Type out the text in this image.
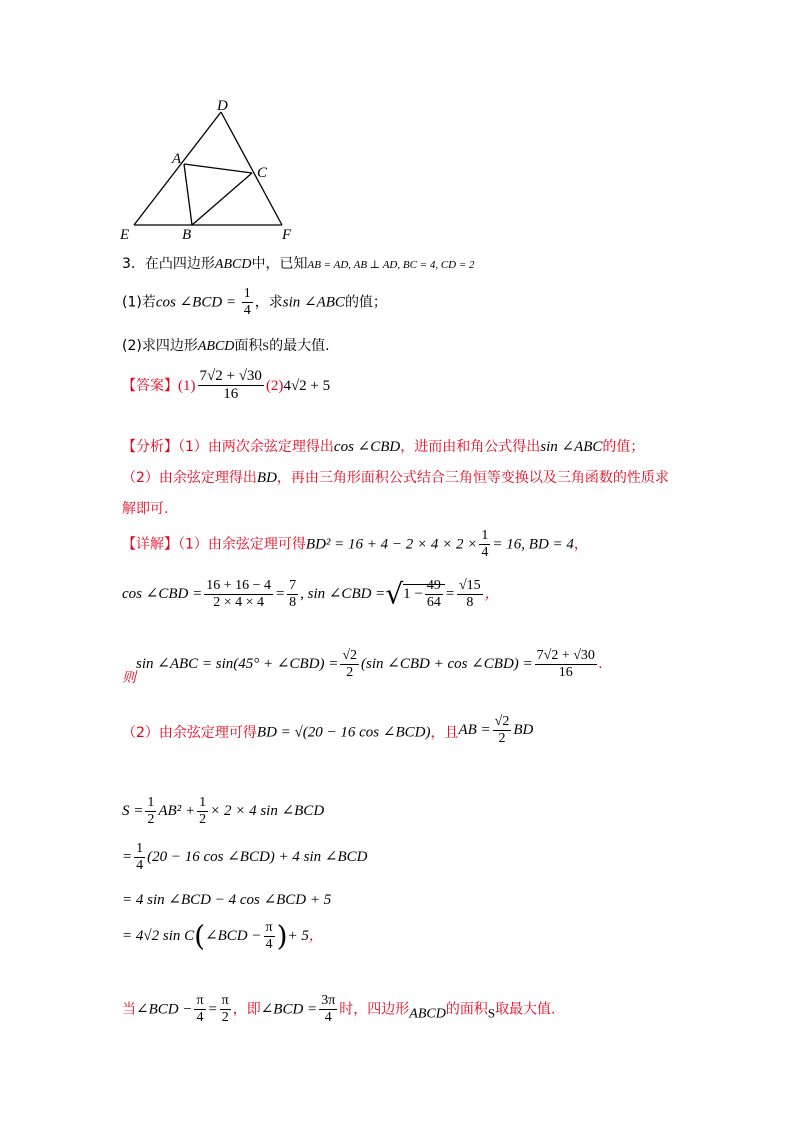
D
A
C
E	B	F
3．在凸四边形ABCD中，已知AB = AD, AB ⊥ AD, BC = 4, CD = 2
(1)若cos ∠BCD = $\frac{1}{4}$ ，求sin ∠ABC的值；
(2)求四边形ABCD面积S的最大值.
【答案】$(1) \frac{7√2 + √30}{16} (2)4√2 + 5$
【分析】（1）由两次余弦定理得出cos ∠CBD，进而由和角公式得出sin ∠ABC的值；
（2）由余弦定理得出BD，再由三角形面积公式结合三角恒等变换以及三角函数的性质求
解即可.
【详解】（1）由余弦定理可得$BD^2 = 16 + 4 - 2 \times 4 \times 2 \times \frac{1}{4} = 16$, BD = 4，
cos ∠CBD = $\frac{16 + 16 - 4}{2 \times 4 \times 4} = \frac{7}{8}$ , sin ∠CBD $=√1 - \frac{49}{64} = \frac{√15}{8}$ ，
则sin ∠ABC = sin(45° + ∠CBD) = $\frac{√2}{2} (\sin$ ∠CBD + cos ∠CBD) = $\frac{7√2 + √30}{16}$ .
（2）由余弦定理可得BD = √(20 − 16 cos ∠BCD)，且AB = $\frac{√2}{2}$ BD
$S = \frac{1}{2} AB^2 + \frac{1}{2} \times 2 \times 4$ sin ∠BCD
= $\frac{1}{4} (20 - 16$ cos ∠BCD) + 4 sin ∠BCD
= 4 sin ∠BCD − 4 cos ∠BCD + 5
= 4√2 sin C(∠BCD − $\frac{\pi}{4}$ )+ 5，
当∠BCD − $\frac{\pi}{4} = \frac{\pi}{2}$ ，即∠BCD = $\frac{3\pi}{4}$ 时，四边形ABCD的面积S取最大值.
